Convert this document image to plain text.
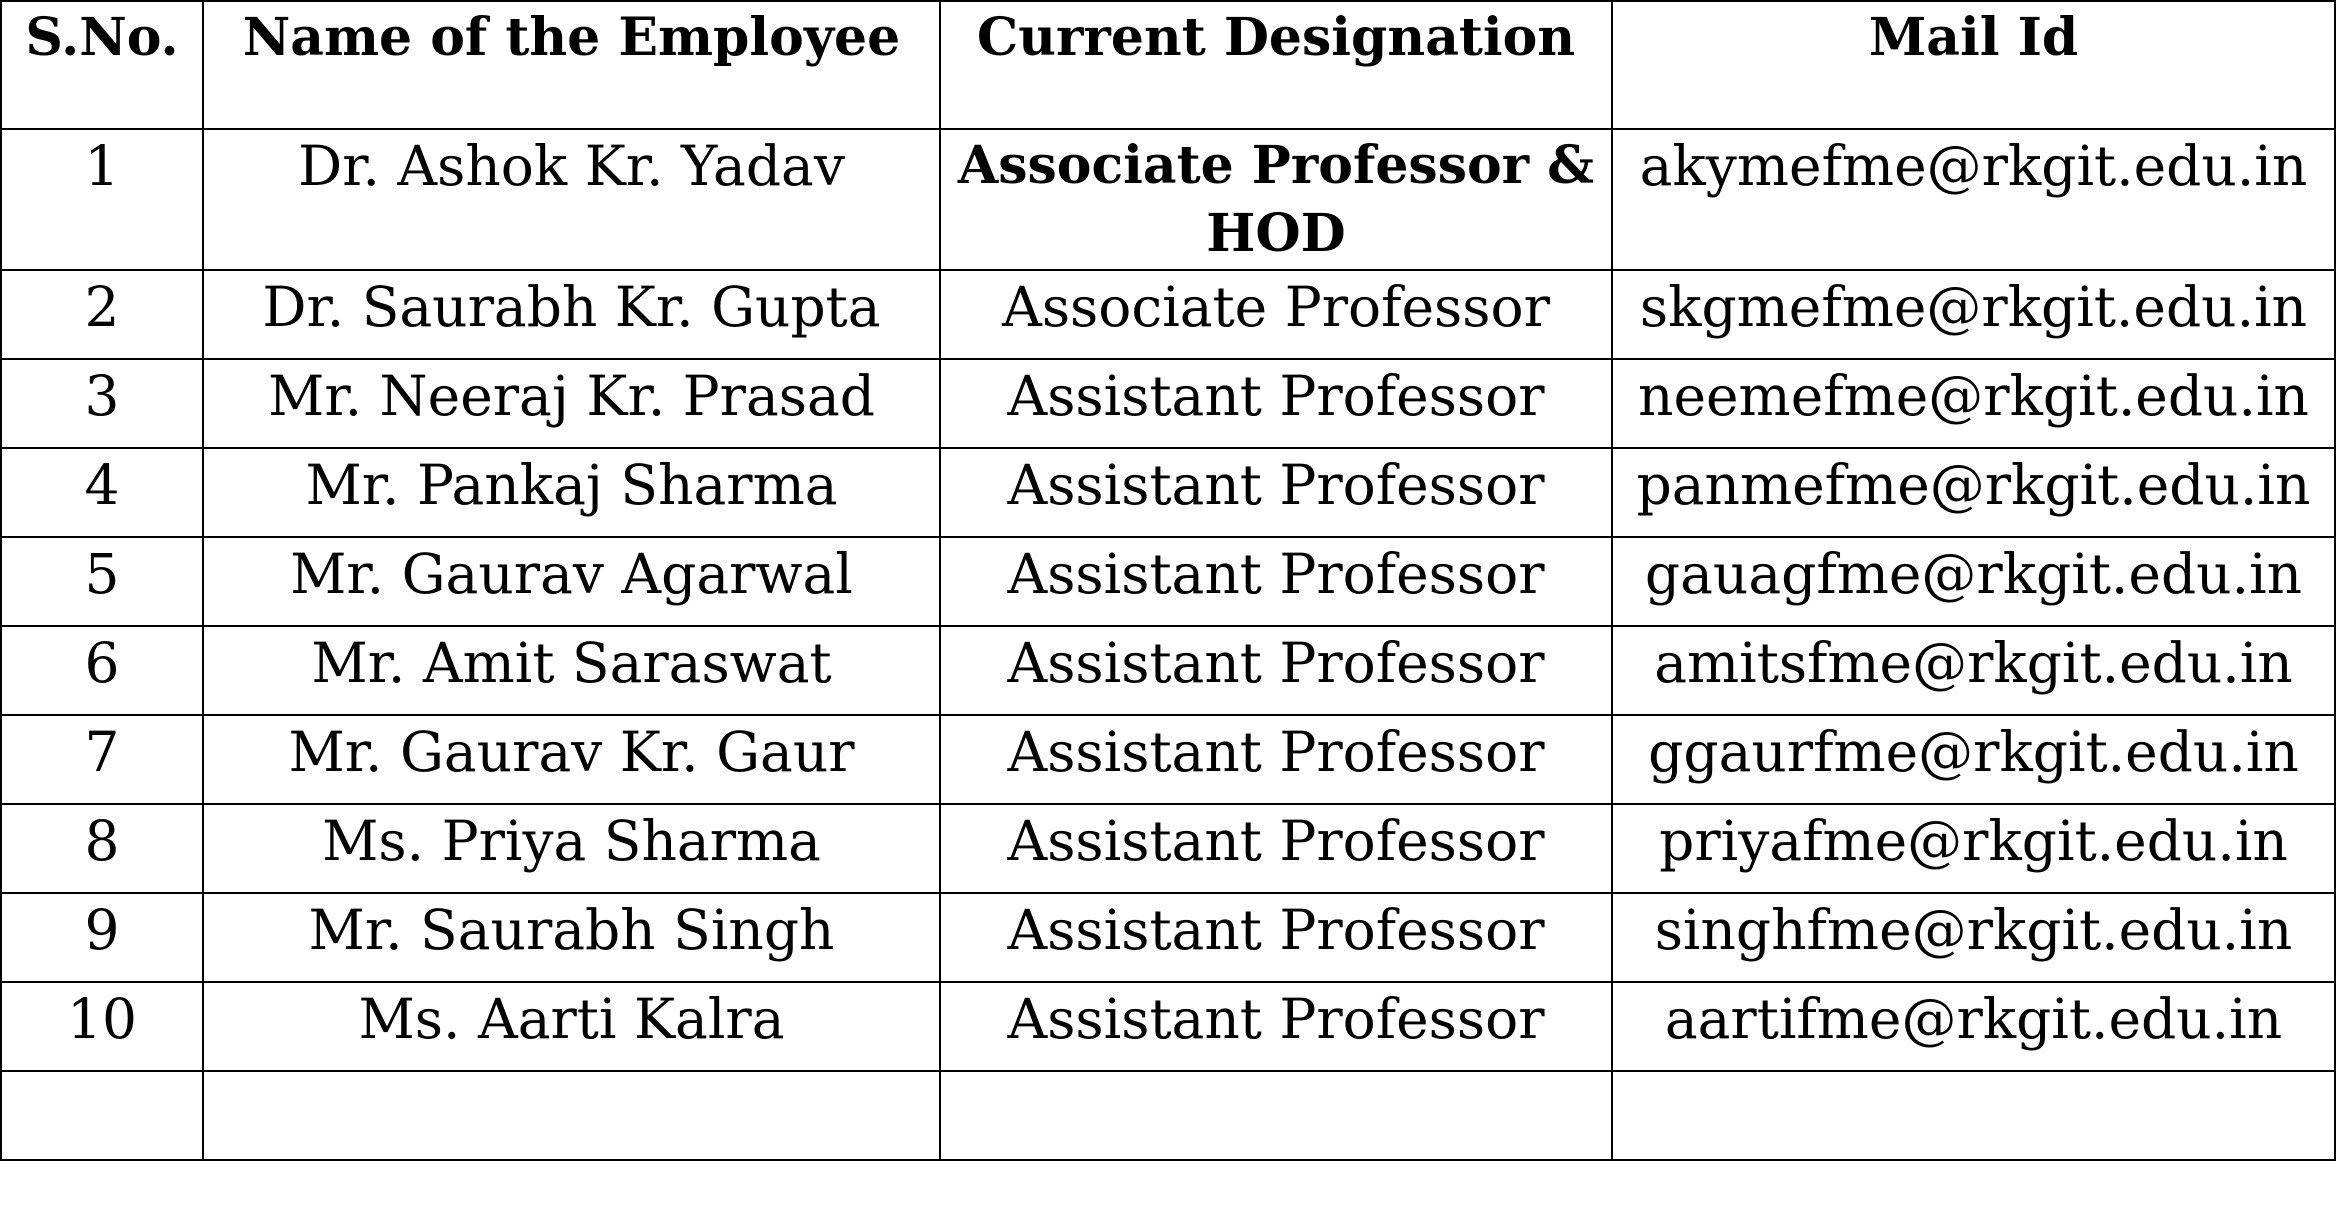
S.No.	Name of the Employee	Current Designation	Mail Id
1	Dr. Ashok Kr. Yadav	Associate Professor & HOD	akymefme@rkgit.edu.in
2	Dr. Saurabh Kr. Gupta	Associate Professor	skgmefme@rkgit.edu.in
3	Mr. Neeraj Kr. Prasad	Assistant Professor	neemefme@rkgit.edu.in
4	Mr. Pankaj Sharma	Assistant Professor	panmefme@rkgit.edu.in
5	Mr. Gaurav Agarwal	Assistant Professor	gauagfme@rkgit.edu.in
6	Mr. Amit Saraswat	Assistant Professor	amitsfme@rkgit.edu.in
7	Mr. Gaurav Kr. Gaur	Assistant Professor	ggaurfme@rkgit.edu.in
8	Ms. Priya Sharma	Assistant Professor	priyafme@rkgit.edu.in
9	Mr. Saurabh Singh	Assistant Professor	singhfme@rkgit.edu.in
10	Ms. Aarti Kalra	Assistant Professor	aartifme@rkgit.edu.in
